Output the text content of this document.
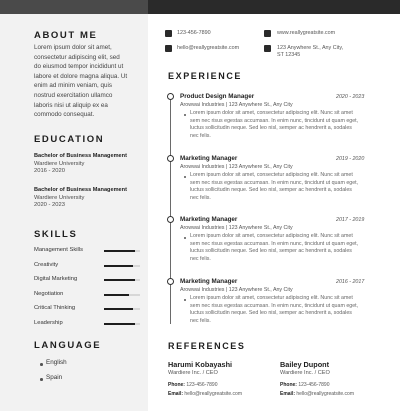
ABOUT ME
Lorem ipsum dolor sit amet,
consectetur adipiscing elit, sed
do eiusmod tempor incididunt ut
labore et dolore magna aliqua. Ut
enim ad minim veniam, quis
nostrud exercitation ullamco
laboris nisi ut aliquip ex ea
commodo consequat.
EDUCATION
Bachelor of Business Management
Wardiere University
2016 - 2020
Bachelor of Business Management
Wardiere University
2020 - 2023
SKILLS
Management Skills
Creativity
Digital Marketing
Negotiation
Critical Thinking
Leadership
LANGUAGE
English
Spain
123-456-7890	www.reallygreatsite.com
hello@reallygreatsite.com	123 Anywhere St., Any City,
ST 12345
EXPERIENCE
Product Design Manager	2020 - 2023
Arowwai Industries | 123 Anywhere St., Any City
Lorem ipsum dolor sit amet, consectetur adipiscing elit. Nunc sit amet
sem nec risus egestas accumsan. In enim nunc, tincidunt ut quam eget,
luctus sollicitudin neque. Sed leo nisl, semper ac hendrerit a, sodales
nec felis.
Marketing Manager	2019 - 2020
Arowwai Industries | 123 Anywhere St., Any City
Lorem ipsum dolor sit amet, consectetur adipiscing elit. Nunc sit amet
sem nec risus egestas accumsan. In enim nunc, tincidunt ut quam eget,
luctus sollicitudin neque. Sed leo nisl, semper ac hendrerit a, sodales
nec felis.
Marketing Manager	2017 - 2019
Arowwai Industries | 123 Anywhere St., Any City
Lorem ipsum dolor sit amet, consectetur adipiscing elit. Nunc sit amet
sem nec risus egestas accumsan. In enim nunc, tincidunt ut quam eget,
luctus sollicitudin neque. Sed leo nisl, semper ac hendrerit a, sodales
nec felis.
Marketing Manager	2016 - 2017
Arowwai Industries | 123 Anywhere St., Any City
Lorem ipsum dolor sit amet, consectetur adipiscing elit. Nunc sit amet
sem nec risus egestas accumsan. In enim nunc, tincidunt ut quam eget,
luctus sollicitudin neque. Sed leo nisl, semper ac hendrerit a, sodales
nec felis.
REFERENCES
Harumi Kobayashi
Wardiere Inc. / CEO
Phone: 123-456-7890
Email: hello@reallygreatsite.com
Bailey Dupont
Wardiere Inc. / CEO
Phone: 123-456-7890
Email: hello@reallygreatsite.com
